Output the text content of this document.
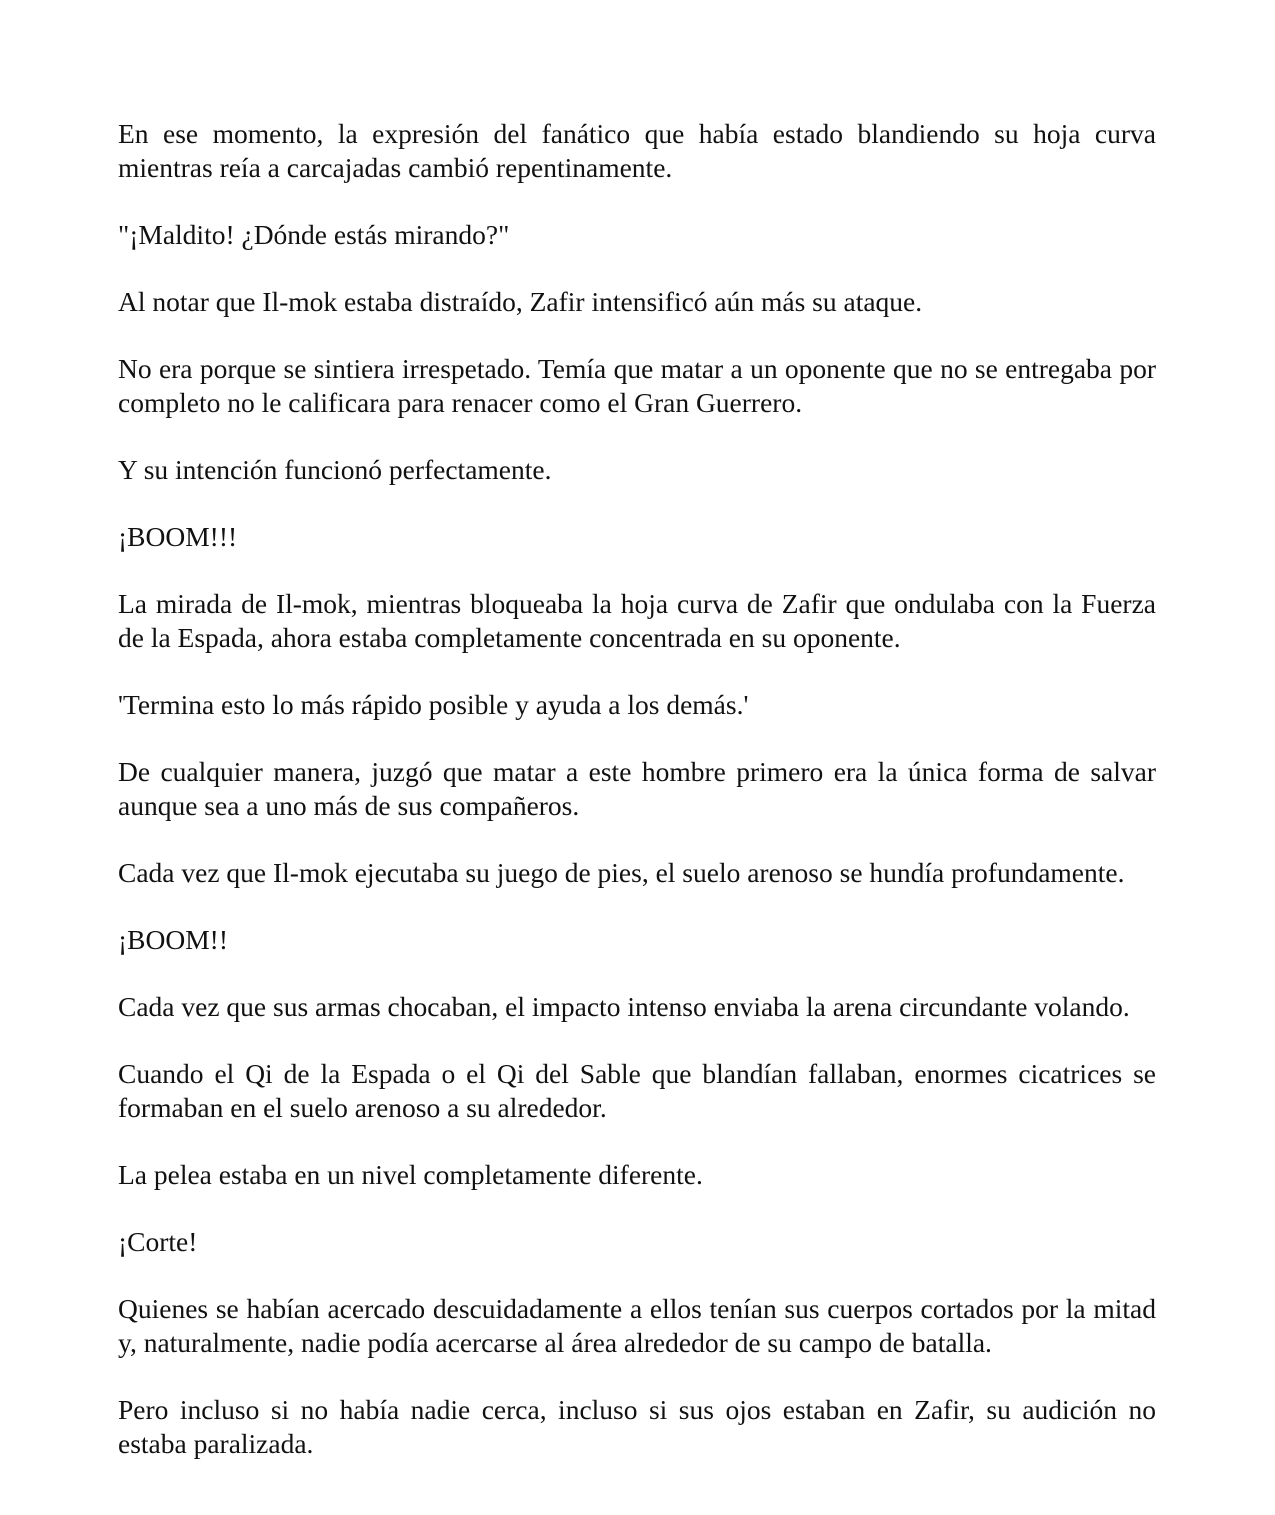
En ese momento, la expresión del fanático que había estado blandiendo su hoja curva mientras reía a carcajadas cambió repentinamente.

"¡Maldito! ¿Dónde estás mirando?"

Al notar que Il-mok estaba distraído, Zafir intensificó aún más su ataque.

No era porque se sintiera irrespetado. Temía que matar a un oponente que no se entregaba por completo no le calificara para renacer como el Gran Guerrero.

Y su intención funcionó perfectamente.

¡BOOM!!!

La mirada de Il-mok, mientras bloqueaba la hoja curva de Zafir que ondulaba con la Fuerza de la Espada, ahora estaba completamente concentrada en su oponente.

'Termina esto lo más rápido posible y ayuda a los demás.'

De cualquier manera, juzgó que matar a este hombre primero era la única forma de salvar aunque sea a uno más de sus compañeros.

Cada vez que Il-mok ejecutaba su juego de pies, el suelo arenoso se hundía profundamente.

¡BOOM!!

Cada vez que sus armas chocaban, el impacto intenso enviaba la arena circundante volando.

Cuando el Qi de la Espada o el Qi del Sable que blandían fallaban, enormes cicatrices se formaban en el suelo arenoso a su alrededor.

La pelea estaba en un nivel completamente diferente.

¡Corte!

Quienes se habían acercado descuidadamente a ellos tenían sus cuerpos cortados por la mitad y, naturalmente, nadie podía acercarse al área alrededor de su campo de batalla.

Pero incluso si no había nadie cerca, incluso si sus ojos estaban en Zafir, su audición no estaba paralizada.
